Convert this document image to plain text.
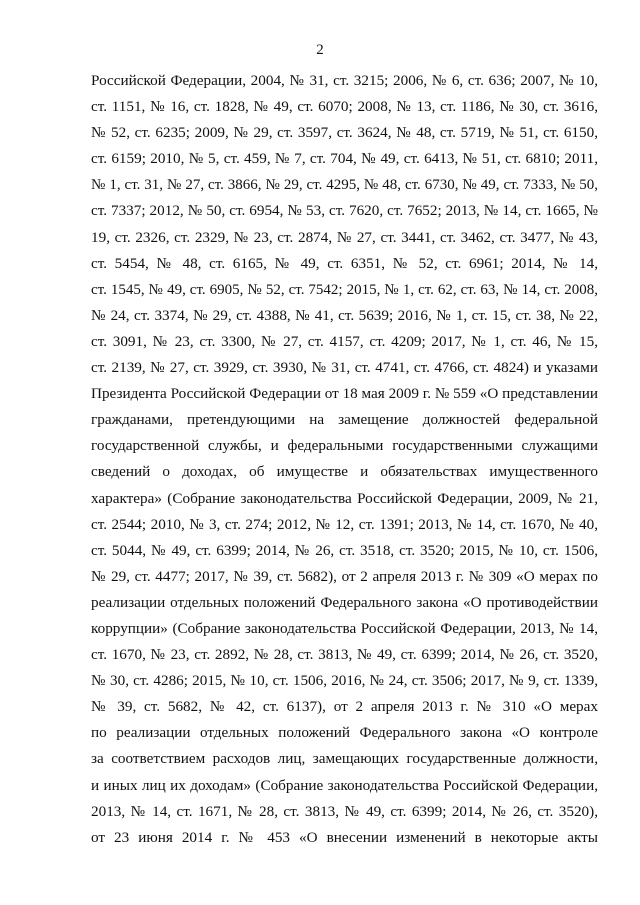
2
Российской Федерации, 2004, № 31, ст. 3215; 2006, № 6, ст. 636; 2007, № 10,
ст. 1151, № 16, ст. 1828, № 49, ст. 6070; 2008, № 13, ст. 1186, № 30, ст. 3616,
№ 52, ст. 6235; 2009, № 29, ст. 3597, ст. 3624, № 48, ст. 5719, № 51, ст. 6150,
ст. 6159; 2010, № 5, ст. 459, № 7, ст. 704, № 49, ст. 6413, № 51, ст. 6810; 2011,
№ 1, ст. 31, № 27, ст. 3866, № 29, ст. 4295, № 48, ст. 6730, № 49, ст. 7333, № 50,
ст. 7337; 2012, № 50, ст. 6954, № 53, ст. 7620, ст. 7652; 2013, № 14, ст. 1665, №
19, ст. 2326, ст. 2329, № 23, ст. 2874, № 27, ст. 3441, ст. 3462, ст. 3477, № 43,
ст. 5454, № 48, ст. 6165, № 49, ст. 6351, № 52, ст. 6961; 2014, № 14,
ст. 1545, № 49, ст. 6905, № 52, ст. 7542; 2015, № 1, ст. 62, ст. 63, № 14, ст. 2008,
№ 24, ст. 3374, № 29, ст. 4388, № 41, ст. 5639; 2016, № 1, ст. 15, ст. 38, № 22,
ст. 3091, № 23, ст. 3300, № 27, ст. 4157, ст. 4209; 2017, № 1, ст. 46, № 15,
ст. 2139, № 27, ст. 3929, ст. 3930, № 31, ст. 4741, ст. 4766, ст. 4824) и указами
Президента Российской Федерации от 18 мая 2009 г. № 559 «О представлении
гражданами, претендующими на замещение должностей федеральной
государственной службы, и федеральными государственными служащими
сведений о доходах, об имуществе и обязательствах имущественного
характера» (Собрание законодательства Российской Федерации, 2009, № 21,
ст. 2544; 2010, № 3, ст. 274; 2012, № 12, ст. 1391; 2013, № 14, ст. 1670, № 40,
ст. 5044, № 49, ст. 6399; 2014, № 26, ст. 3518, ст. 3520; 2015, № 10, ст. 1506,
№ 29, ст. 4477; 2017, № 39, ст. 5682), от 2 апреля 2013 г. № 309 «О мерах по
реализации отдельных положений Федерального закона «О противодействии
коррупции» (Собрание законодательства Российской Федерации, 2013, № 14,
ст. 1670, № 23, ст. 2892, № 28, ст. 3813, № 49, ст. 6399; 2014, № 26, ст. 3520,
№ 30, ст. 4286; 2015, № 10, ст. 1506, 2016, № 24, ст. 3506; 2017, № 9, ст. 1339,
№ 39, ст. 5682, № 42, ст. 6137), от 2 апреля 2013 г. № 310 «О мерах
по реализации отдельных положений Федерального закона «О контроле
за соответствием расходов лиц, замещающих государственные должности,
и иных лиц их доходам» (Собрание законодательства Российской Федерации,
2013, № 14, ст. 1671, № 28, ст. 3813, № 49, ст. 6399; 2014, № 26, ст. 3520),
от 23 июня 2014 г. № 453 «О внесении изменений в некоторые акты
